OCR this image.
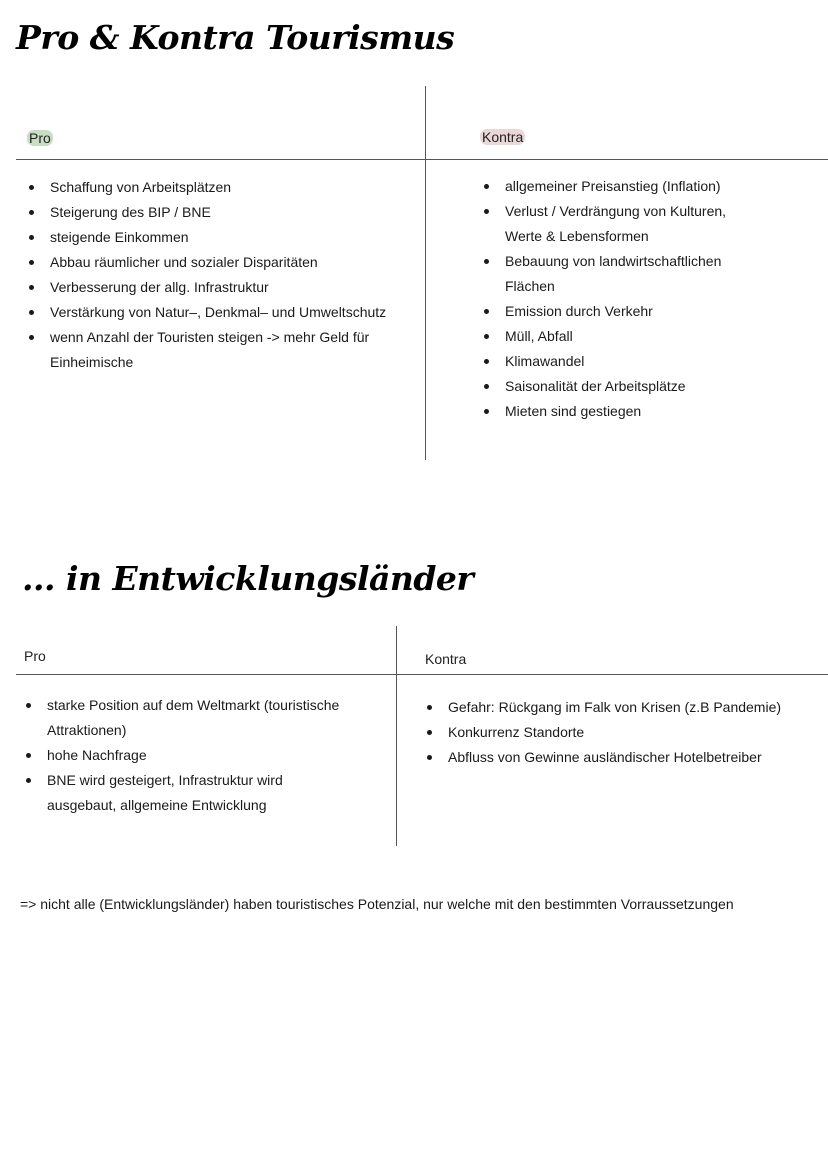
Pro & Kontra Tourismus
Pro	Kontra
Schaffung von Arbeitsplätzen
Steigerung des BIP / BNE
steigende Einkommen
Abbau räumlicher und sozialer Disparitäten
Verbesserung der allg. Infrastruktur
Verstärkung von Natur–, Denkmal– und Umweltschutz
wenn Anzahl der Touristen steigen -> mehr Geld für Einheimische
allgemeiner Preisanstieg (Inflation)
Verlust / Verdrängung von Kulturen, Werte & Lebensformen
Bebauung von landwirtschaftlichen Flächen
Emission durch Verkehr
Müll, Abfall
Klimawandel
Saisonalität der Arbeitsplätze
Mieten sind gestiegen
... in Entwicklungsländer
Pro	Kontra
starke Position auf dem Weltmarkt (touristische Attraktionen)
hohe Nachfrage
BNE wird gesteigert, Infrastruktur wird ausgebaut, allgemeine Entwicklung
Gefahr: Rückgang im Falk von Krisen (z.B Pandemie)
Konkurrenz Standorte
Abfluss von Gewinne ausländischer Hotelbetreiber
=> nicht alle (Entwicklungsländer) haben touristisches Potenzial, nur welche mit den bestimmten Vorraussetzungen
